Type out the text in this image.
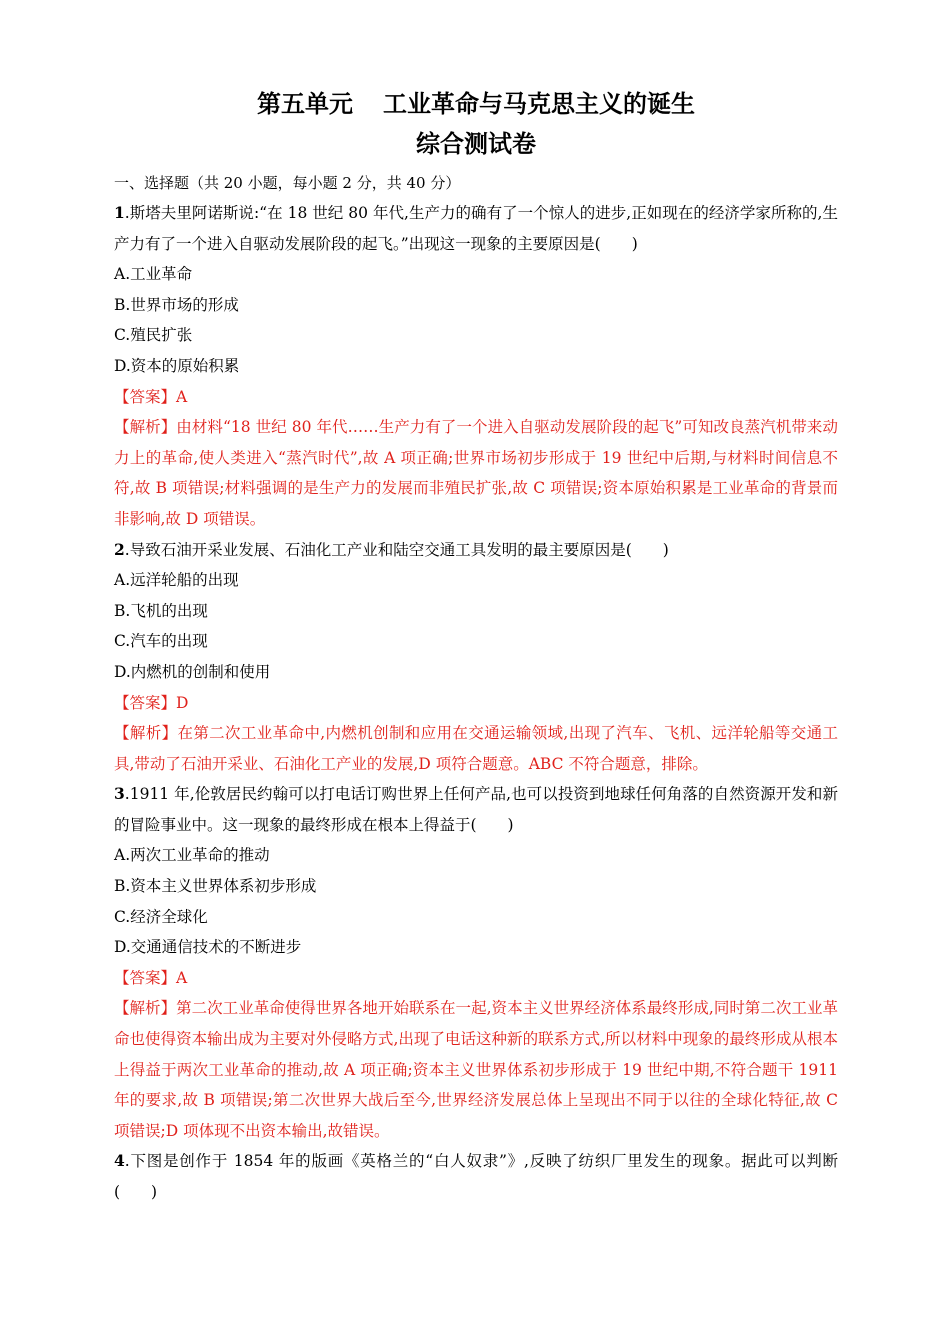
第五单元 工业革命与马克思主义的诞生
综合测试卷
一、选择题（共 20 小题，每小题 2 分，共 40 分）

1.斯塔夫里阿诺斯说:“在 18 世纪 80 年代,生产力的确有了一个惊人的进步,正如现在的经济学家所称的,生产力有了一个进入自驱动发展阶段的起飞。”出现这一现象的主要原因是(　　)

A.工业革命

B.世界市场的形成

C.殖民扩张

D.资本的原始积累

【答案】A

【解析】由材料“18 世纪 80 年代……生产力有了一个进入自驱动发展阶段的起飞”可知改良蒸汽机带来动力上的革命,使人类进入“蒸汽时代”,故 A 项正确;世界市场初步形成于 19 世纪中后期,与材料时间信息不符,故 B 项错误;材料强调的是生产力的发展而非殖民扩张,故 C 项错误;资本原始积累是工业革命的背景而非影响,故 D 项错误。

2.导致石油开采业发展、石油化工产业和陆空交通工具发明的最主要原因是(　　)

A.远洋轮船的出现

B.飞机的出现

C.汽车的出现

D.内燃机的创制和使用

【答案】D

【解析】在第二次工业革命中,内燃机创制和应用在交通运输领域,出现了汽车、飞机、远洋轮船等交通工具,带动了石油开采业、石油化工产业的发展,D 项符合题意。ABC 不符合题意，排除。

3.1911 年,伦敦居民约翰可以打电话订购世界上任何产品,也可以投资到地球任何角落的自然资源开发和新的冒险事业中。这一现象的最终形成在根本上得益于(　　)

A.两次工业革命的推动

B.资本主义世界体系初步形成

C.经济全球化

D.交通通信技术的不断进步

【答案】A

【解析】第二次工业革命使得世界各地开始联系在一起,资本主义世界经济体系最终形成,同时第二次工业革命也使得资本输出成为主要对外侵略方式,出现了电话这种新的联系方式,所以材料中现象的最终形成从根本上得益于两次工业革命的推动,故 A 项正确;资本主义世界体系初步形成于 19 世纪中期,不符合题干 1911 年的要求,故 B 项错误;第二次世界大战后至今,世界经济发展总体上呈现出不同于以往的全球化特征,故 C 项错误;D 项体现不出资本输出,故错误。

4.下图是创作于 1854 年的版画《英格兰的“白人奴隶”》,反映了纺织厂里发生的现象。据此可以判断(　　)
